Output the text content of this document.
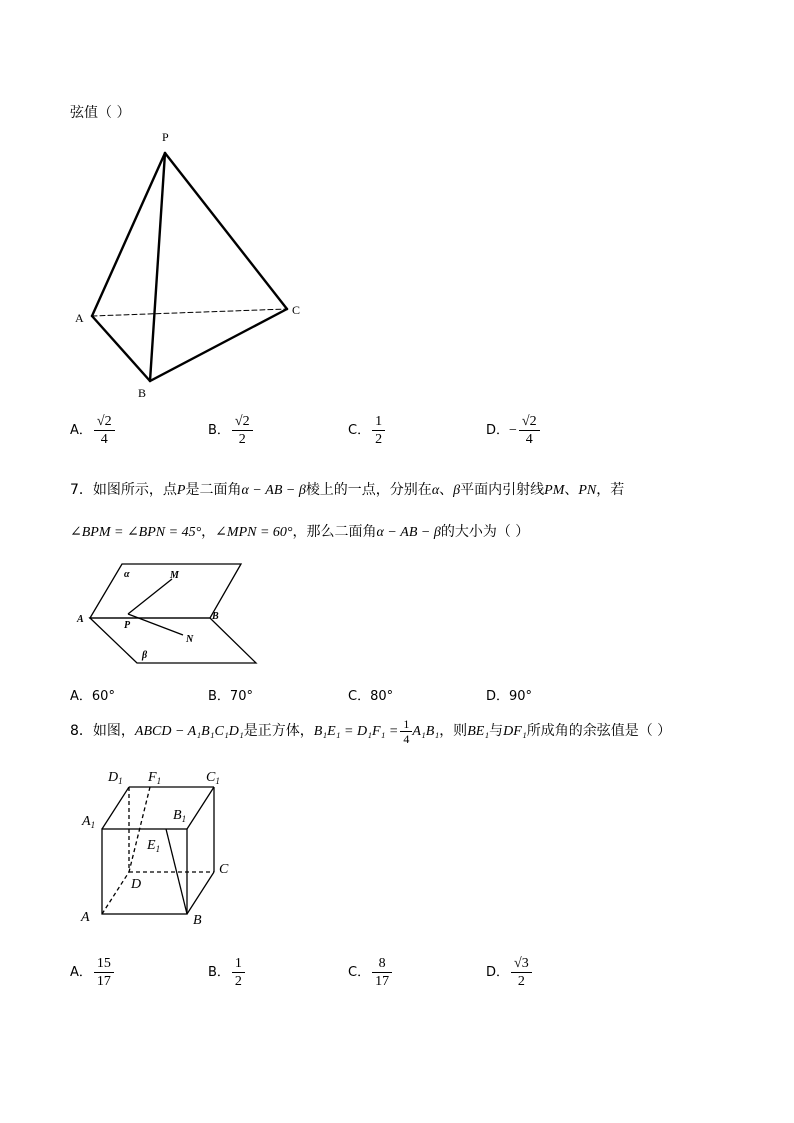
弦值（ ）
P
A
B
C
A． $\frac{√2}{4}$	B． $\frac{√2}{2}$	C． $\frac{1}{2}$	D．− $\frac{√2}{4}$
7．如图所示，点P是二面角α − AB − β棱上的一点，分别在α、β平面内引射线PM、PN，若
∠BPM = ∠BPN = 45°，∠MPN = 60°，那么二面角α − AB − β的大小为（ ）
α
β
M
N
P
A	B
A．60°	B．70°	C．80°	D．90°
8．如图，ABCD − A₁B₁C₁D₁是正方体，$B_1E_1 = D_1F_1 = \frac{1}{4} A_1B_1$，则BE₁与DF₁所成角的余弦值是（ ）
$D_1$ $F_1$	$C_1$
$A_1$
$B_1$
$E_1$
D
C
A	B
A． $\frac{15}{17}$	B． $\frac{1}{2}$	C． $\frac{8}{17}$	D． $\frac{√3}{2}$
